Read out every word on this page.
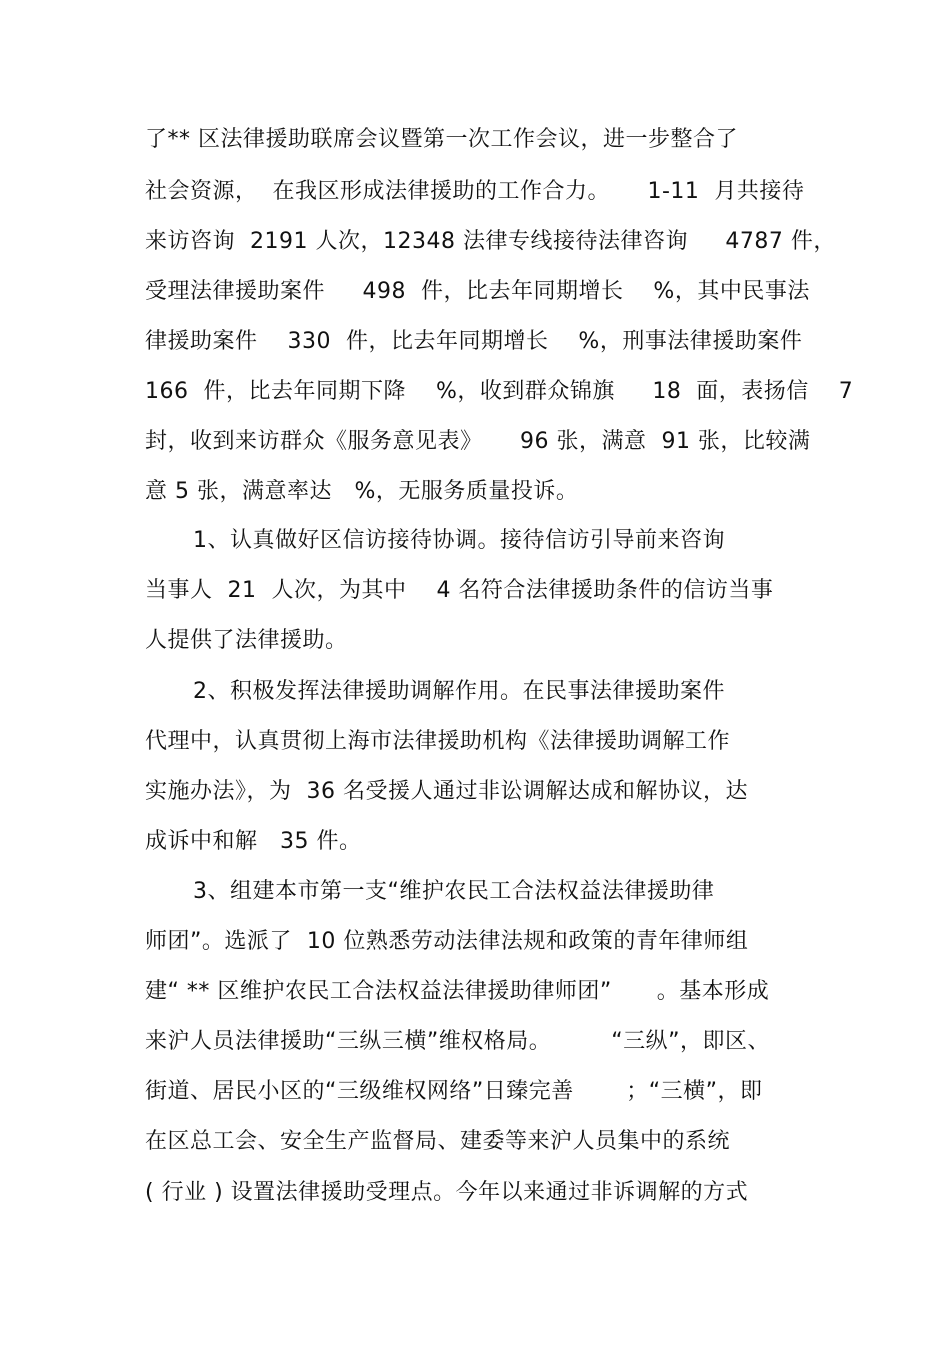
了** 区法律援助联席会议暨第一次工作会议，进一步整合了
社会资源，  在我区形成法律援助的工作合力。     1-11  月共接待
来访咨询  2191 人次，12348 法律专线接待法律咨询     4787 件，
受理法律援助案件     498  件，比去年同期增长    %，其中民事法
律援助案件    330  件，比去年同期增长    %，刑事法律援助案件
166  件，比去年同期下降    %，收到群众锦旗     18  面，表扬信    7
封，收到来访群众《服务意见表》     96 张，满意  91 张，比较满
意 5 张，满意率达   %，无服务质量投诉。
1、认真做好区信访接待协调。接待信访引导前来咨询
当事人  21  人次，为其中    4 名符合法律援助条件的信访当事
人提供了法律援助。
2、积极发挥法律援助调解作用。在民事法律援助案件
代理中，认真贯彻上海市法律援助机构《法律援助调解工作
实施办法》，为  36 名受援人通过非讼调解达成和解协议，达
成诉中和解   35 件。
3、组建本市第一支“维护农民工合法权益法律援助律
师团”。选派了  10 位熟悉劳动法律法规和政策的青年律师组
建“ ** 区维护农民工合法权益法律援助律师团”      。基本形成
来沪人员法律援助“三纵三横”维权格局。        “三纵”，即区、
街道、居民小区的“三级维权网络”日臻完善       ；“三横”，即
在区总工会、安全生产监督局、建委等来沪人员集中的系统
( 行业 ) 设置法律援助受理点。今年以来通过非诉调解的方式
